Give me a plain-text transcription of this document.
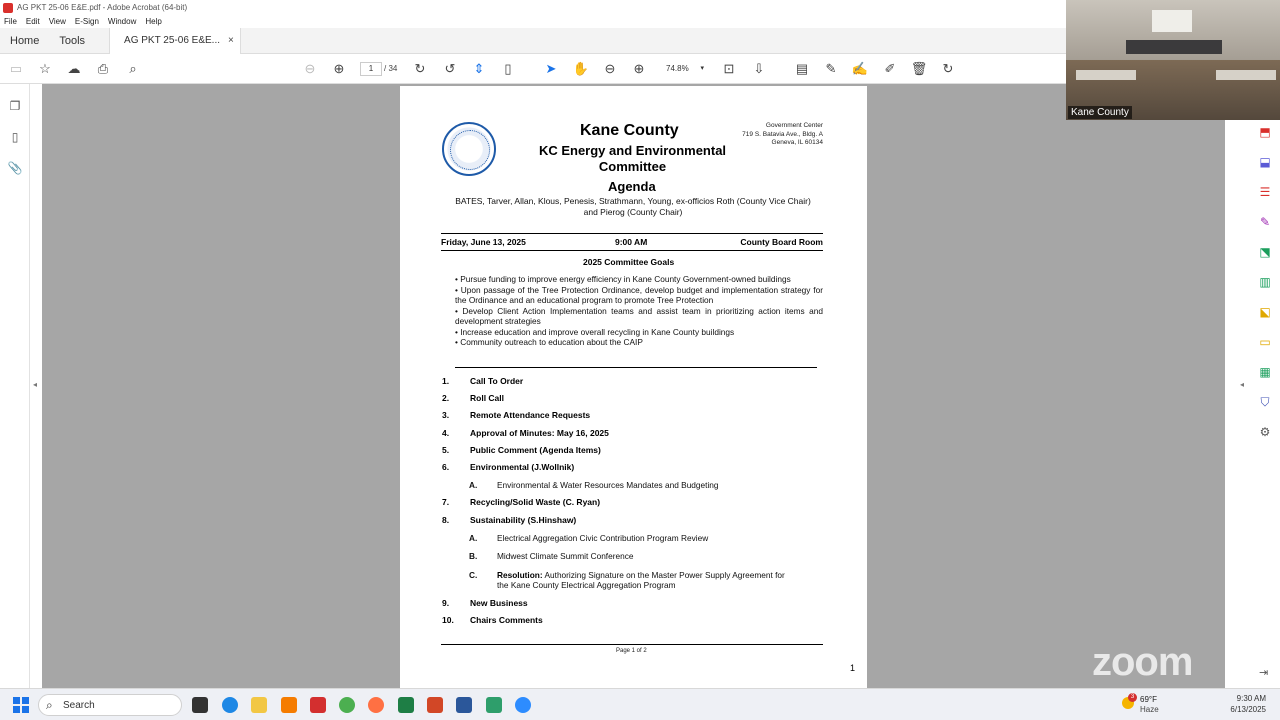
AG PKT 25-06 E&E.pdf - Adobe Acrobat (64-bit)
File Edit View E-Sign Window Help
Home Tools	AG PKT 25-06 E&E... ×
▭ ☆ ☁ ⎙	⌕	⊖ ⊕	1	/ 34 ↻ ↺ ⇕	▯	➤ ✋ ⊖ ⊕	74.8% ▾ ⊡ ⇩ ▤ ✎ ✍ ✐ 🗑 ↻
❐
▯
📎
◂
Kane County
KC Energy and Environmental Committee
Agenda
Government Center
719 S. Batavia Ave., Bldg. A
Geneva, IL 60134
BATES, Tarver, Allan, Klous, Penesis, Strathmann, Young, ex-officios Roth (County Vice Chair) and Pierog (County Chair)
Friday, June 13, 2025	9:00 AM	County Board Room
2025 Committee Goals

• Pursue funding to improve energy efficiency in Kane County Government-owned buildings

• Upon passage of the Tree Protection Ordinance, develop budget and implementation strategy for the Ordinance and an educational program to promote Tree Protection

• Develop Client Action Implementation teams and assist team in prioritizing action items and development strategies

• Increase education and improve overall recycling in Kane County buildings

• Community outreach to education about the CAIP

1. Call To Order
2. Roll Call
3. Remote Attendance Requests
4. Approval of Minutes: May 16, 2025
5. Public Comment (Agenda Items)
6. Environmental (J.Wollnik)
A. Environmental & Water Resources Mandates and Budgeting
7. Recycling/Solid Waste (C. Ryan)
8. Sustainability (S.Hinshaw)
A. Electrical Aggregation Civic Contribution Program Review
B. Midwest Climate Summit Conference
C. Resolution: Authorizing Signature on the Master Power Supply Agreement for
the Kane County Electrical Aggregation Program
9. New Business
10. Chairs Comments
Page 1 of 2
1
⬒
⬓
☰
✎
⬔
▥
⬕
▭
▦
⛉
⚙
◂
⇥
Kane County
zoom
⌕ Search
3 69°F
Haze
9:30 AM
6/13/2025
